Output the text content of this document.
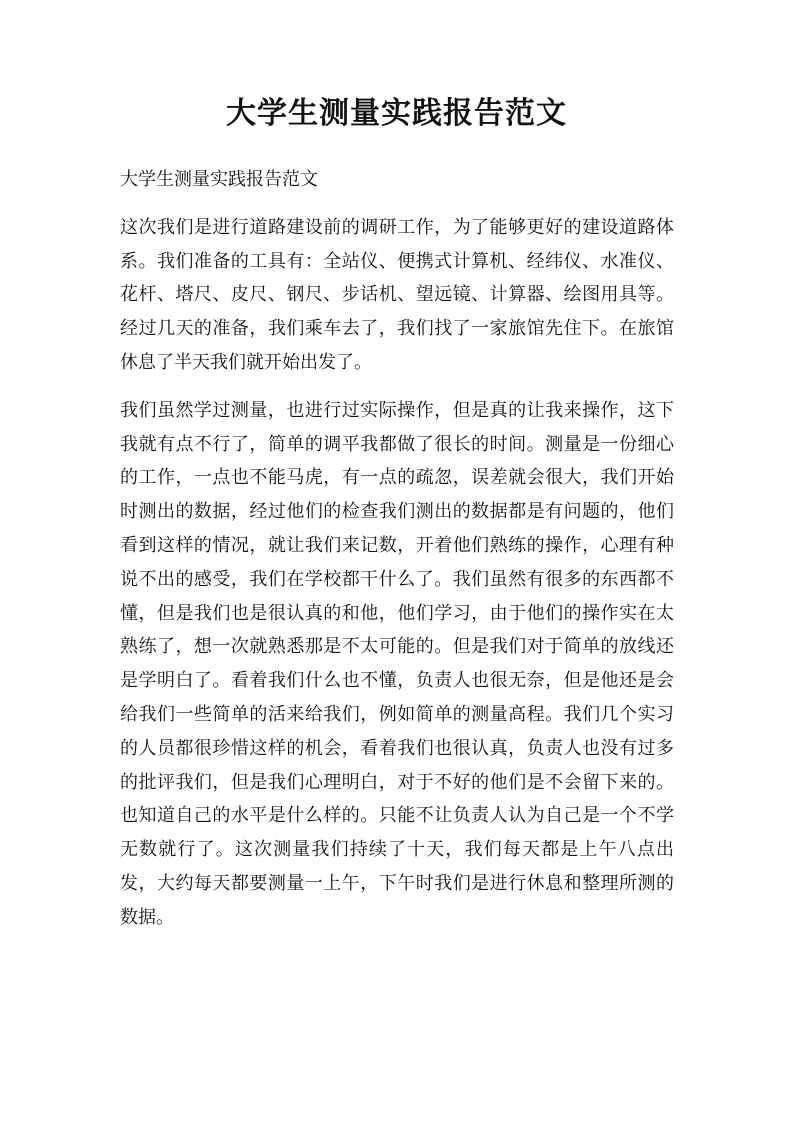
大学生测量实践报告范文

大学生测量实践报告范文

这次我们是进行道路建设前的调研工作，为了能够更好的建设道路体系。我们准备的工具有：全站仪、便携式计算机、经纬仪、水准仪、花杆、塔尺、皮尺、钢尺、步话机、望远镜、计算器、绘图用具等。经过几天的准备，我们乘车去了，我们找了一家旅馆先住下。在旅馆休息了半天我们就开始出发了。

我们虽然学过测量，也进行过实际操作，但是真的让我来操作，这下我就有点不行了，简单的调平我都做了很长的时间。测量是一份细心的工作，一点也不能马虎，有一点的疏忽，误差就会很大，我们开始时测出的数据，经过他们的检查我们测出的数据都是有问题的，他们看到这样的情况，就让我们来记数，开着他们熟练的操作，心理有种说不出的感受，我们在学校都干什么了。我们虽然有很多的东西都不懂，但是我们也是很认真的和他，他们学习，由于他们的操作实在太熟练了，想一次就熟悉那是不太可能的。但是我们对于简单的放线还是学明白了。看着我们什么也不懂，负责人也很无奈，但是他还是会给我们一些简单的活来给我们，例如简单的测量高程。我们几个实习的人员都很珍惜这样的机会，看着我们也很认真，负责人也没有过多的批评我们，但是我们心理明白，对于不好的他们是不会留下来的。也知道自己的水平是什么样的。只能不让负责人认为自己是一个不学无数就行了。这次测量我们持续了十天，我们每天都是上午八点出发，大约每天都要测量一上午，下午时我们是进行休息和整理所测的数据。
